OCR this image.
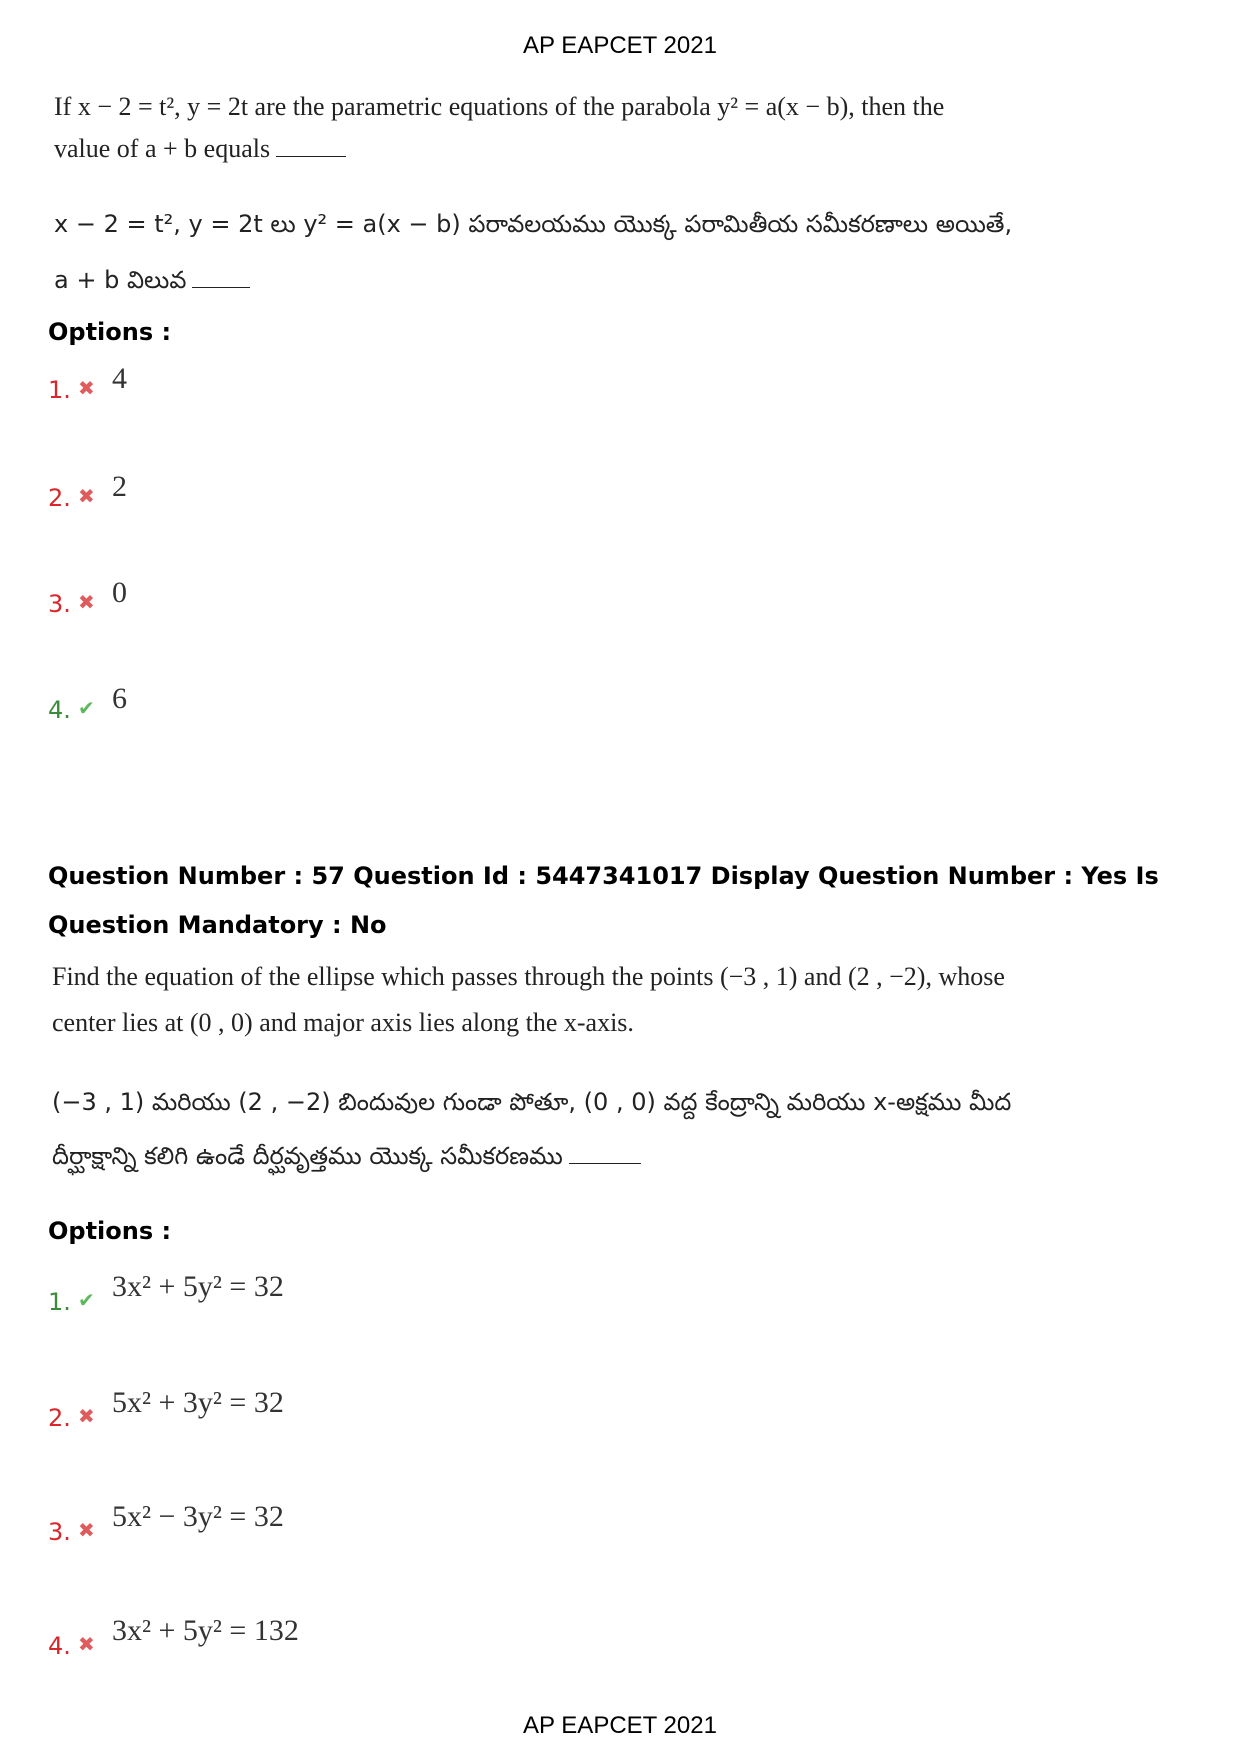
AP EAPCET 2021
If x − 2 = t², y = 2t are the parametric equations of the parabola y² = a(x − b), then the
value of a + b equals
x − 2 = t², y = 2t లు y² = a(x − b) పరావలయము యొక్క పరామితీయ సమీకరణాలు అయితే,
a + b విలువ
Options :
1. ✖ 4
2. ✖ 2
3. ✖ 0
4. ✔ 6
Question Number : 57 Question Id : 5447341017 Display Question Number : Yes Is Question Mandatory : No
Find the equation of the ellipse which passes through the points (−3 , 1) and (2 , −2), whose
center lies at (0 , 0) and major axis lies along the x-axis.
(−3 , 1) మరియు (2 , −2) బిందువుల గుండా పోతూ, (0 , 0) వద్ద కేంద్రాన్ని మరియు x-అక్షము మీద
దీర్ఘాక్షాన్ని కలిగి ఉండే దీర్ఘవృత్తము యొక్క సమీకరణము
Options :
1. ✔ 3x² + 5y² = 32
2. ✖ 5x² + 3y² = 32
3. ✖ 5x² − 3y² = 32
4. ✖ 3x² + 5y² = 132
AP EAPCET 2021
